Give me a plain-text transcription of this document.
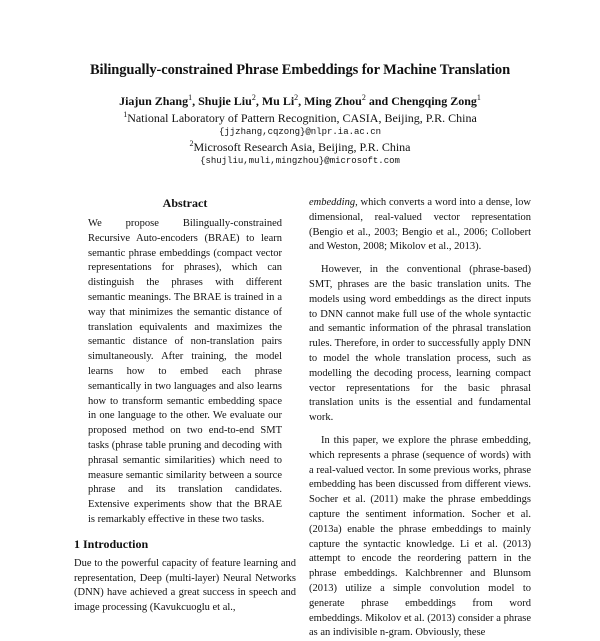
Bilingually-constrained Phrase Embeddings for Machine Translation
Jiajun Zhang$^1$, Shujie Liu$^2$, Mu Li$^2$, Ming Zhou$^2$ and Chengqing Zong$^1$
$^1$National Laboratory of Pattern Recognition, CASIA, Beijing, P.R. China
{jjzhang,cqzong}@nlpr.ia.ac.cn
$^2$Microsoft Research Asia, Beijing, P.R. China
{shujliu,muli,mingzhou}@microsoft.com
Abstract

We propose Bilingually-constrained Recursive Auto-encoders (BRAE) to learn semantic phrase embeddings (compact vector representations for phrases), which can distinguish the phrases with different semantic meanings. The BRAE is trained in a way that minimizes the semantic distance of translation equivalents and maximizes the semantic distance of non-translation pairs simultaneously. After training, the model learns how to embed each phrase semantically in two languages and also learns how to transform semantic embedding space in one language to the other. We evaluate our proposed method on two end-to-end SMT tasks (phrase table pruning and decoding with phrasal semantic similarities) which need to measure semantic similarity between a source phrase and its translation candidates. Extensive experiments show that the BRAE is remarkably effective in these two tasks.

1 Introduction

Due to the powerful capacity of feature learning and representation, Deep (multi-layer) Neural Networks (DNN) have achieved a great success in speech and image processing (Kavukcuoglu et al.,

embedding, which converts a word into a dense, low dimensional, real-valued vector representation (Bengio et al., 2003; Bengio et al., 2006; Collobert and Weston, 2008; Mikolov et al., 2013).

However, in the conventional (phrase-based) SMT, phrases are the basic translation units. The models using word embeddings as the direct inputs to DNN cannot make full use of the whole syntactic and semantic information of the phrasal translation rules. Therefore, in order to successfully apply DNN to model the whole translation process, such as modelling the decoding process, learning compact vector representations for the basic phrasal translation units is the essential and fundamental work.

In this paper, we explore the phrase embedding, which represents a phrase (sequence of words) with a real-valued vector. In some previous works, phrase embedding has been discussed from different views. Socher et al. (2011) make the phrase embeddings capture the sentiment information. Socher et al. (2013a) enable the phrase embeddings to mainly capture the syntactic knowledge. Li et al. (2013) attempt to encode the reordering pattern in the phrase embeddings. Kalchbrenner and Blunsom (2013) utilize a simple convolution model to generate phrase embeddings from word embeddings. Mikolov et al. (2013) consider a phrase as an indivisible n-gram. Obviously, these
